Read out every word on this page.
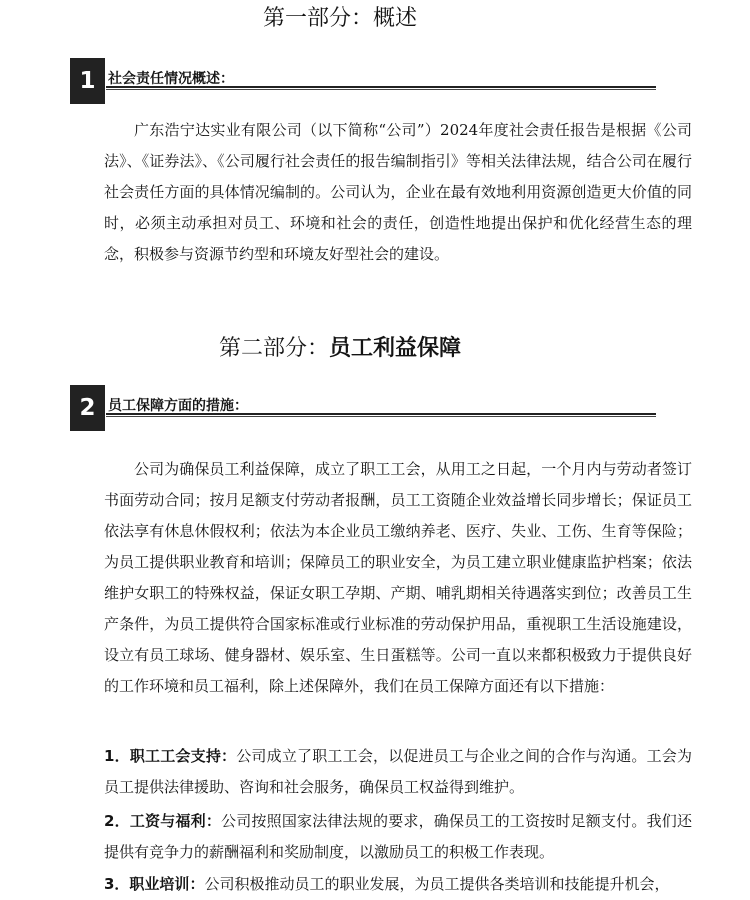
第一部分：概述
1 社会责任情况概述：
广东浩宁达实业有限公司（以下简称“公司”）2024年度社会责任报告是根据《公司法》、《证券法》、《公司履行社会责任的报告编制指引》等相关法律法规，结合公司在履行社会责任方面的具体情况编制的。公司认为，企业在最有效地利用资源创造更大价值的同时，必须主动承担对员工、环境和社会的责任，创造性地提出保护和优化经营生态的理念，积极参与资源节约型和环境友好型社会的建设。
第二部分：员工利益保障
2 员工保障方面的措施：
公司为确保员工利益保障，成立了职工工会，从用工之日起，一个月内与劳动者签订书面劳动合同；按月足额支付劳动者报酬，员工工资随企业效益增长同步增长；保证员工依法享有休息休假权利；依法为本企业员工缴纳养老、医疗、失业、工伤、生育等保险；为员工提供职业教育和培训；保障员工的职业安全，为员工建立职业健康监护档案；依法维护女职工的特殊权益，保证女职工孕期、产期、哺乳期相关待遇落实到位；改善员工生产条件，为员工提供符合国家标准或行业标准的劳动保护用品，重视职工生活设施建设，设立有员工球场、健身器材、娱乐室、生日蛋糕等。公司一直以来都积极致力于提供良好的工作环境和员工福利，除上述保障外，我们在员工保障方面还有以下措施：
1．职工工会支持：公司成立了职工工会，以促进员工与企业之间的合作与沟通。工会为员工提供法律援助、咨询和社会服务，确保员工权益得到维护。
2．工资与福利：公司按照国家法律法规的要求，确保员工的工资按时足额支付。我们还提供有竞争力的薪酬福利和奖励制度，以激励员工的积极工作表现。
3．职业培训：公司积极推动员工的职业发展，为员工提供各类培训和技能提升机会，
